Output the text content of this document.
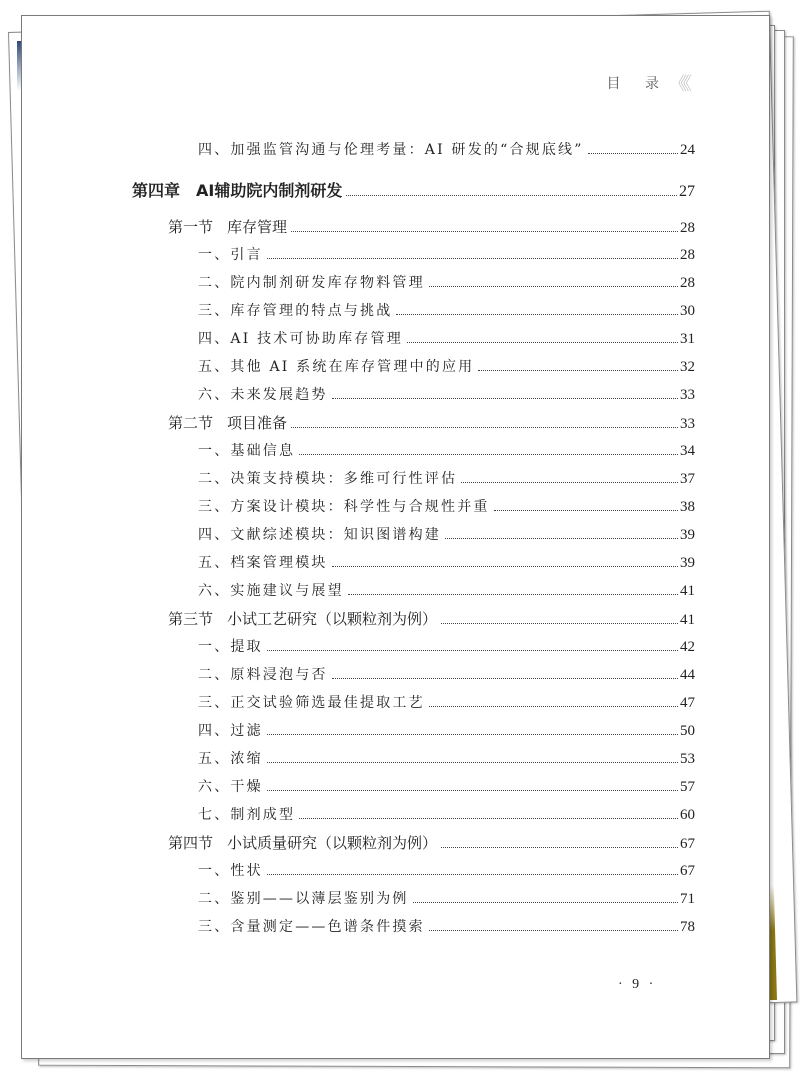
目 录 《《
四、加强监管沟通与伦理考量：AI 研发的“合规底线”	24
第四章 AI辅助院内制剂研发	27
第一节 库存管理	28
一、引言	28
二、院内制剂研发库存物料管理	28
三、库存管理的特点与挑战	30
四、AI 技术可协助库存管理	31
五、其他 AI 系统在库存管理中的应用	32
六、未来发展趋势	33
第二节 项目准备	33
一、基础信息	34
二、决策支持模块：多维可行性评估	37
三、方案设计模块：科学性与合规性并重	38
四、文献综述模块：知识图谱构建	39
五、档案管理模块	39
六、实施建议与展望	41
第三节 小试工艺研究（以颗粒剂为例）	41
一、提取	42
二、原料浸泡与否	44
三、正交试验筛选最佳提取工艺	47
四、过滤	50
五、浓缩	53
六、干燥	57
七、制剂成型	60
第四节 小试质量研究（以颗粒剂为例）	67
一、性状	67
二、鉴别——以薄层鉴别为例	71
三、含量测定——色谱条件摸索	78
· 9 ·
